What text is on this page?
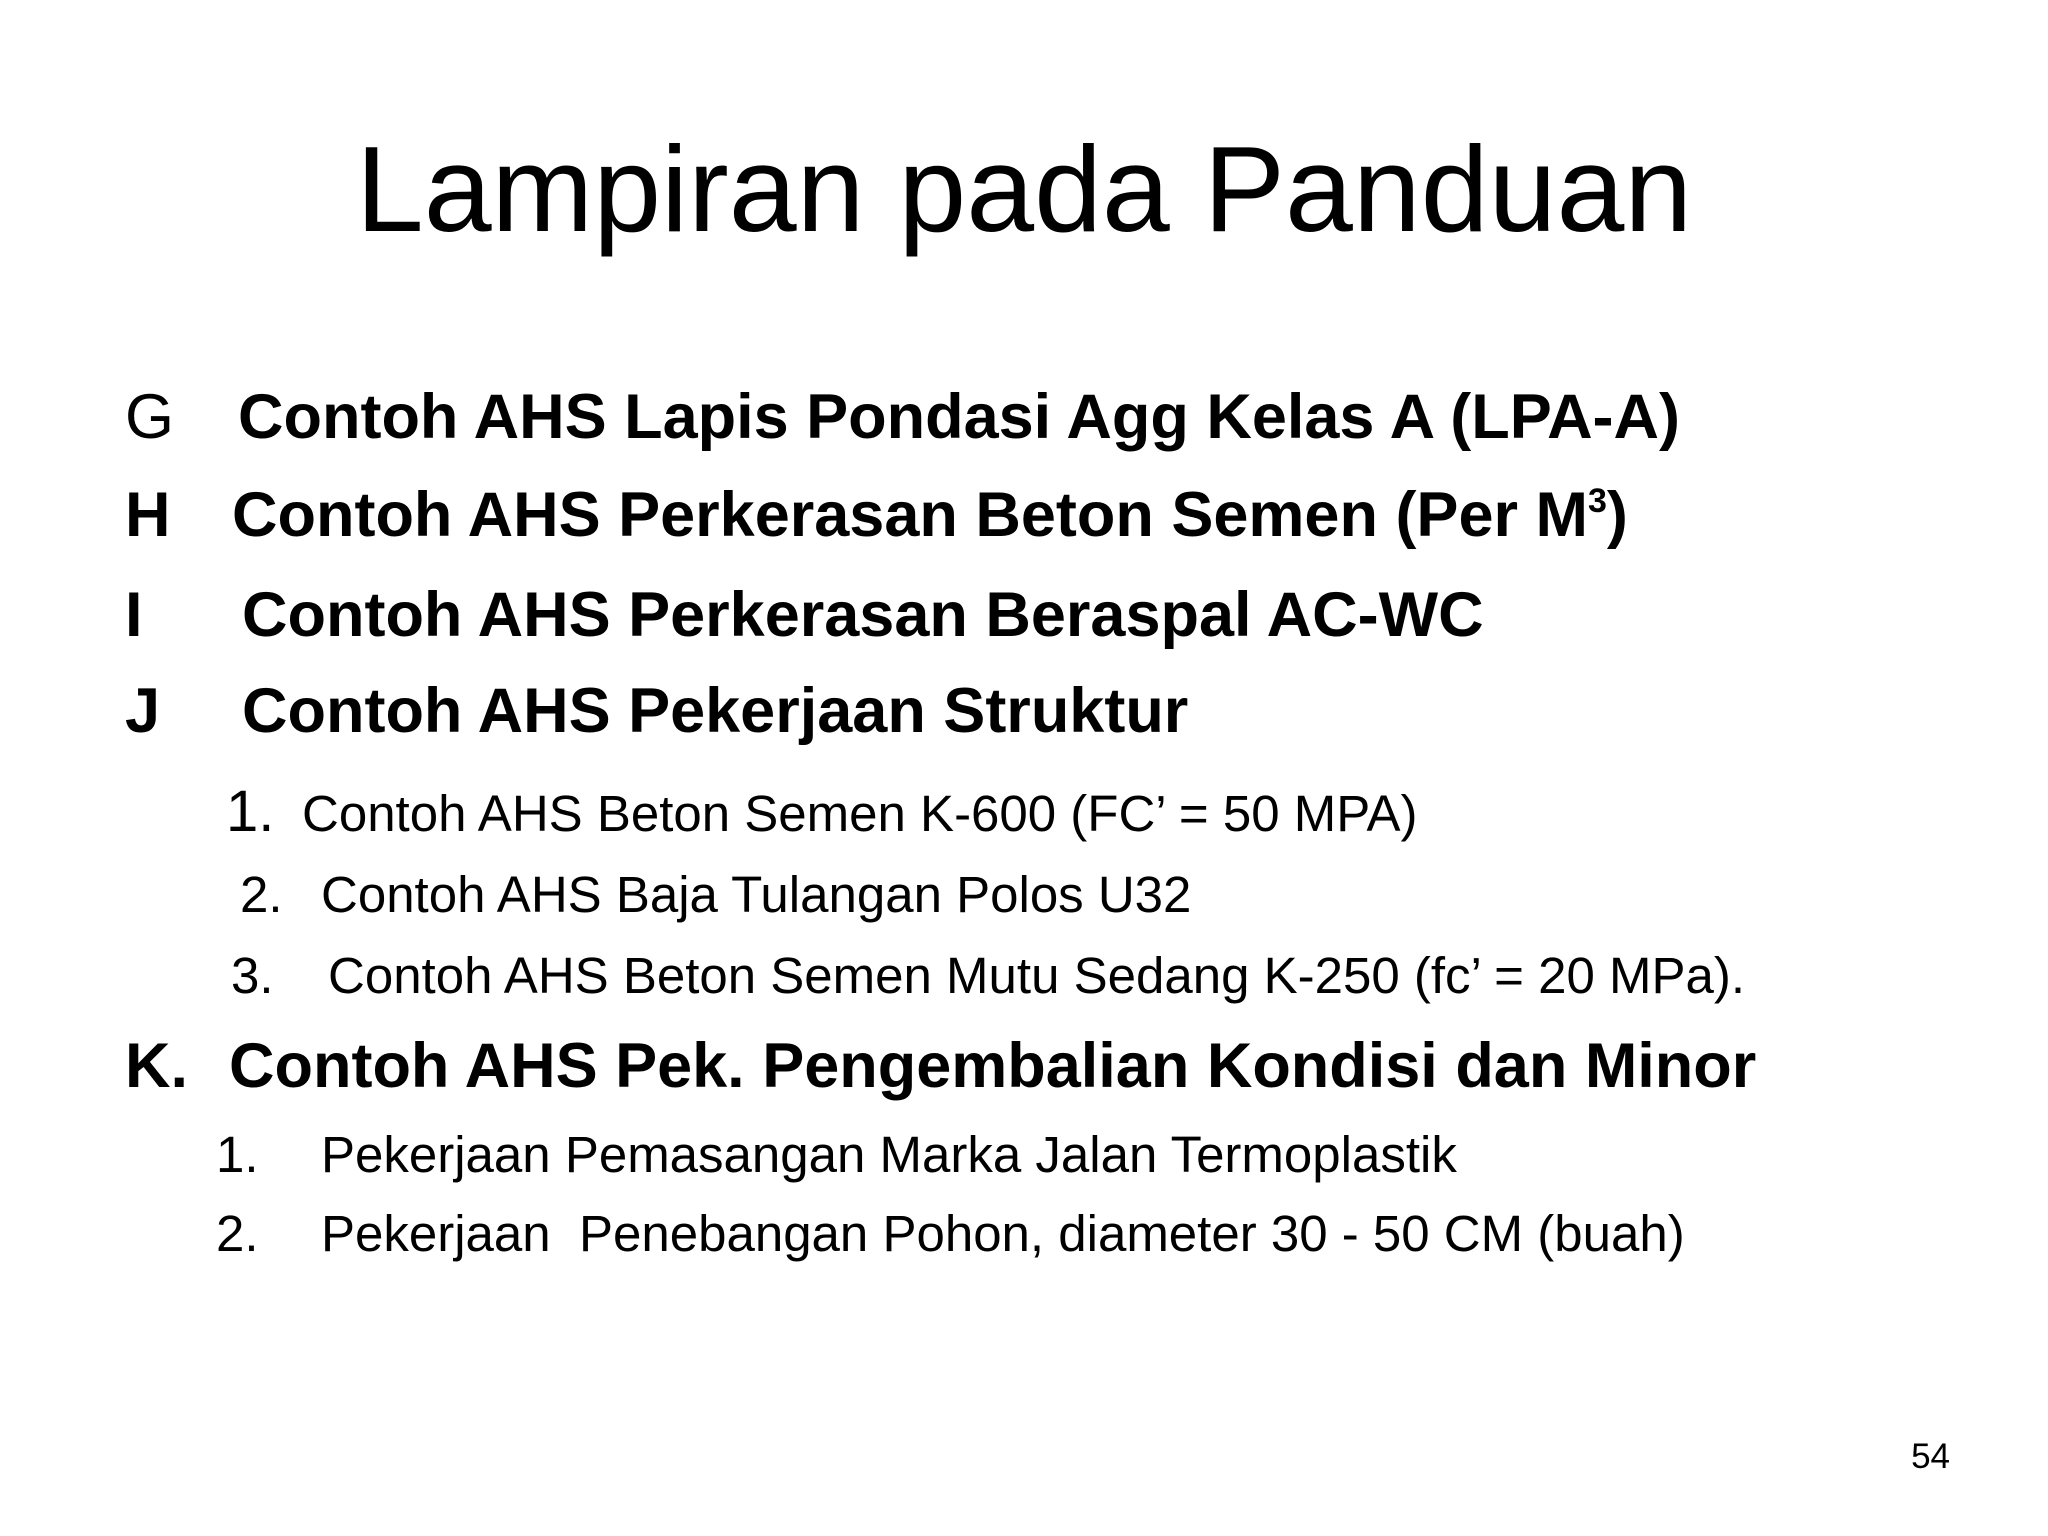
Lampiran pada Panduan
G Contoh AHS Lapis Pondasi Agg Kelas A (LPA-A)
H Contoh AHS Perkerasan Beton Semen (Per $M^3$)
I Contoh AHS Perkerasan Beraspal AC-WC
J Contoh AHS Pekerjaan Struktur
1. Contoh AHS Beton Semen K-600 (FC’ = 50 MPA)
2. Contoh AHS Baja Tulangan Polos U32
3. Contoh AHS Beton Semen Mutu Sedang K-250 (fc’ = 20 MPa).
K. Contoh AHS Pek. Pengembalian Kondisi dan Minor
1. Pekerjaan Pemasangan Marka Jalan Termoplastik
2. Pekerjaan  Penebangan Pohon, diameter 30 - 50 CM (buah)
54
